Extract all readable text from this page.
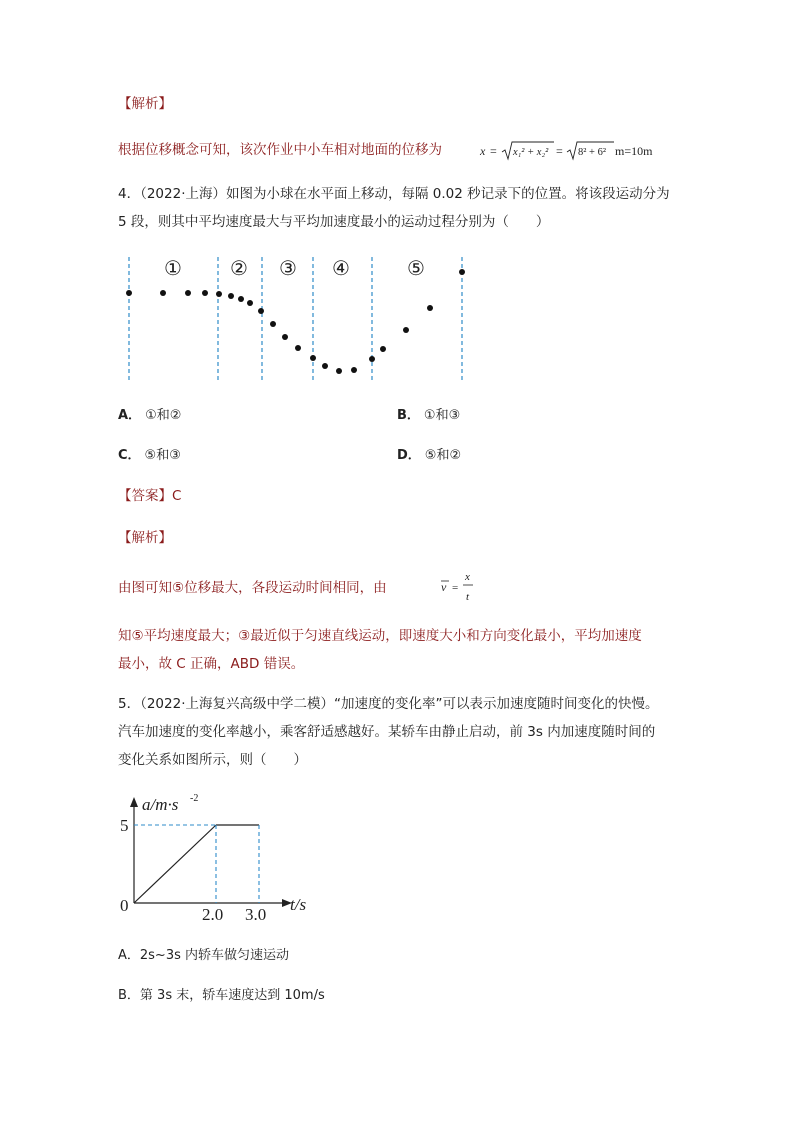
【解析】
根据位移概念可知，该次作业中小车相对地面的位移为	x = x₁² + x₂² = 8² + 6² m=10m
4．（2022·上海）如图为小球在水平面上移动，每隔 0.02 秒记录下的位置。将该段运动分为
5 段，则其中平均速度最大与平均加速度最小的运动过程分别为（　　）
① ② ③ ④	⑤
A． ①和②	B． ①和③
C． ⑤和③	D． ⑤和②
【答案】C
【解析】
由图可知⑤位移最大，各段运动时间相同，由	v =
x
t
知⑤平均速度最大；③最近似于匀速直线运动，即速度大小和方向变化最小，平均加速度
最小，故 C 正确，ABD 错误。
5．（2022·上海复兴高级中学二模）“加速度的变化率”可以表示加速度随时间变化的快慢。
汽车加速度的变化率越小，乘客舒适感越好。某轿车由静止启动，前 3s 内加速度随时间的
变化关系如图所示，则（　　）
a/m·s -2
5
0	2.0 3.0
t/s
A．2s~3s 内轿车做匀速运动
B．第 3s 末，轿车速度达到 10m/s
